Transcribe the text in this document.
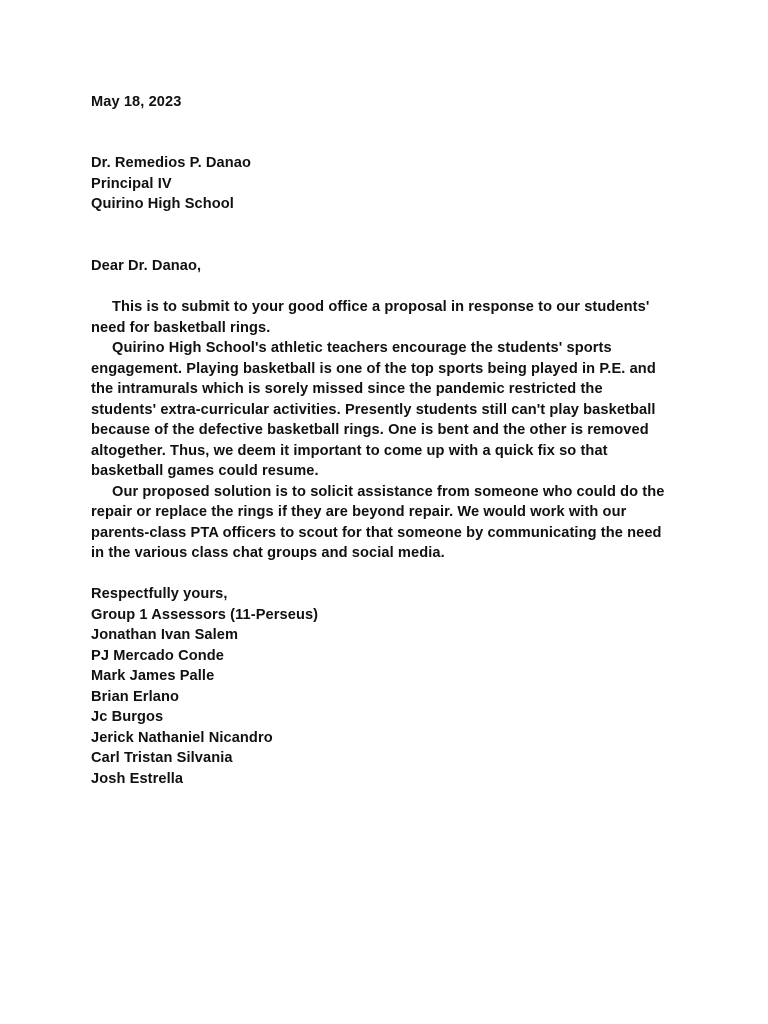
May 18, 2023
Dr. Remedios P. Danao
Principal IV
Quirino High School
Dear Dr. Danao,
This is to submit to your good office a proposal in response to our students'
need for basketball rings.
Quirino High School's athletic teachers encourage the students' sports
engagement. Playing basketball is one of the top sports being played in P.E. and
the intramurals which is sorely missed since the pandemic restricted the
students' extra-curricular activities. Presently students still can't play basketball
because of the defective basketball rings. One is bent and the other is removed
altogether. Thus, we deem it important to come up with a quick fix so that
basketball games could resume.
Our proposed solution is to solicit assistance from someone who could do the
repair or replace the rings if they are beyond repair. We would work with our
parents-class PTA officers to scout for that someone by communicating the need
in the various class chat groups and social media.
Respectfully yours,
Group 1 Assessors (11-Perseus)
Jonathan Ivan Salem
PJ Mercado Conde
Mark James Palle
Brian Erlano
Jc Burgos
Jerick Nathaniel Nicandro
Carl Tristan Silvania
Josh Estrella
